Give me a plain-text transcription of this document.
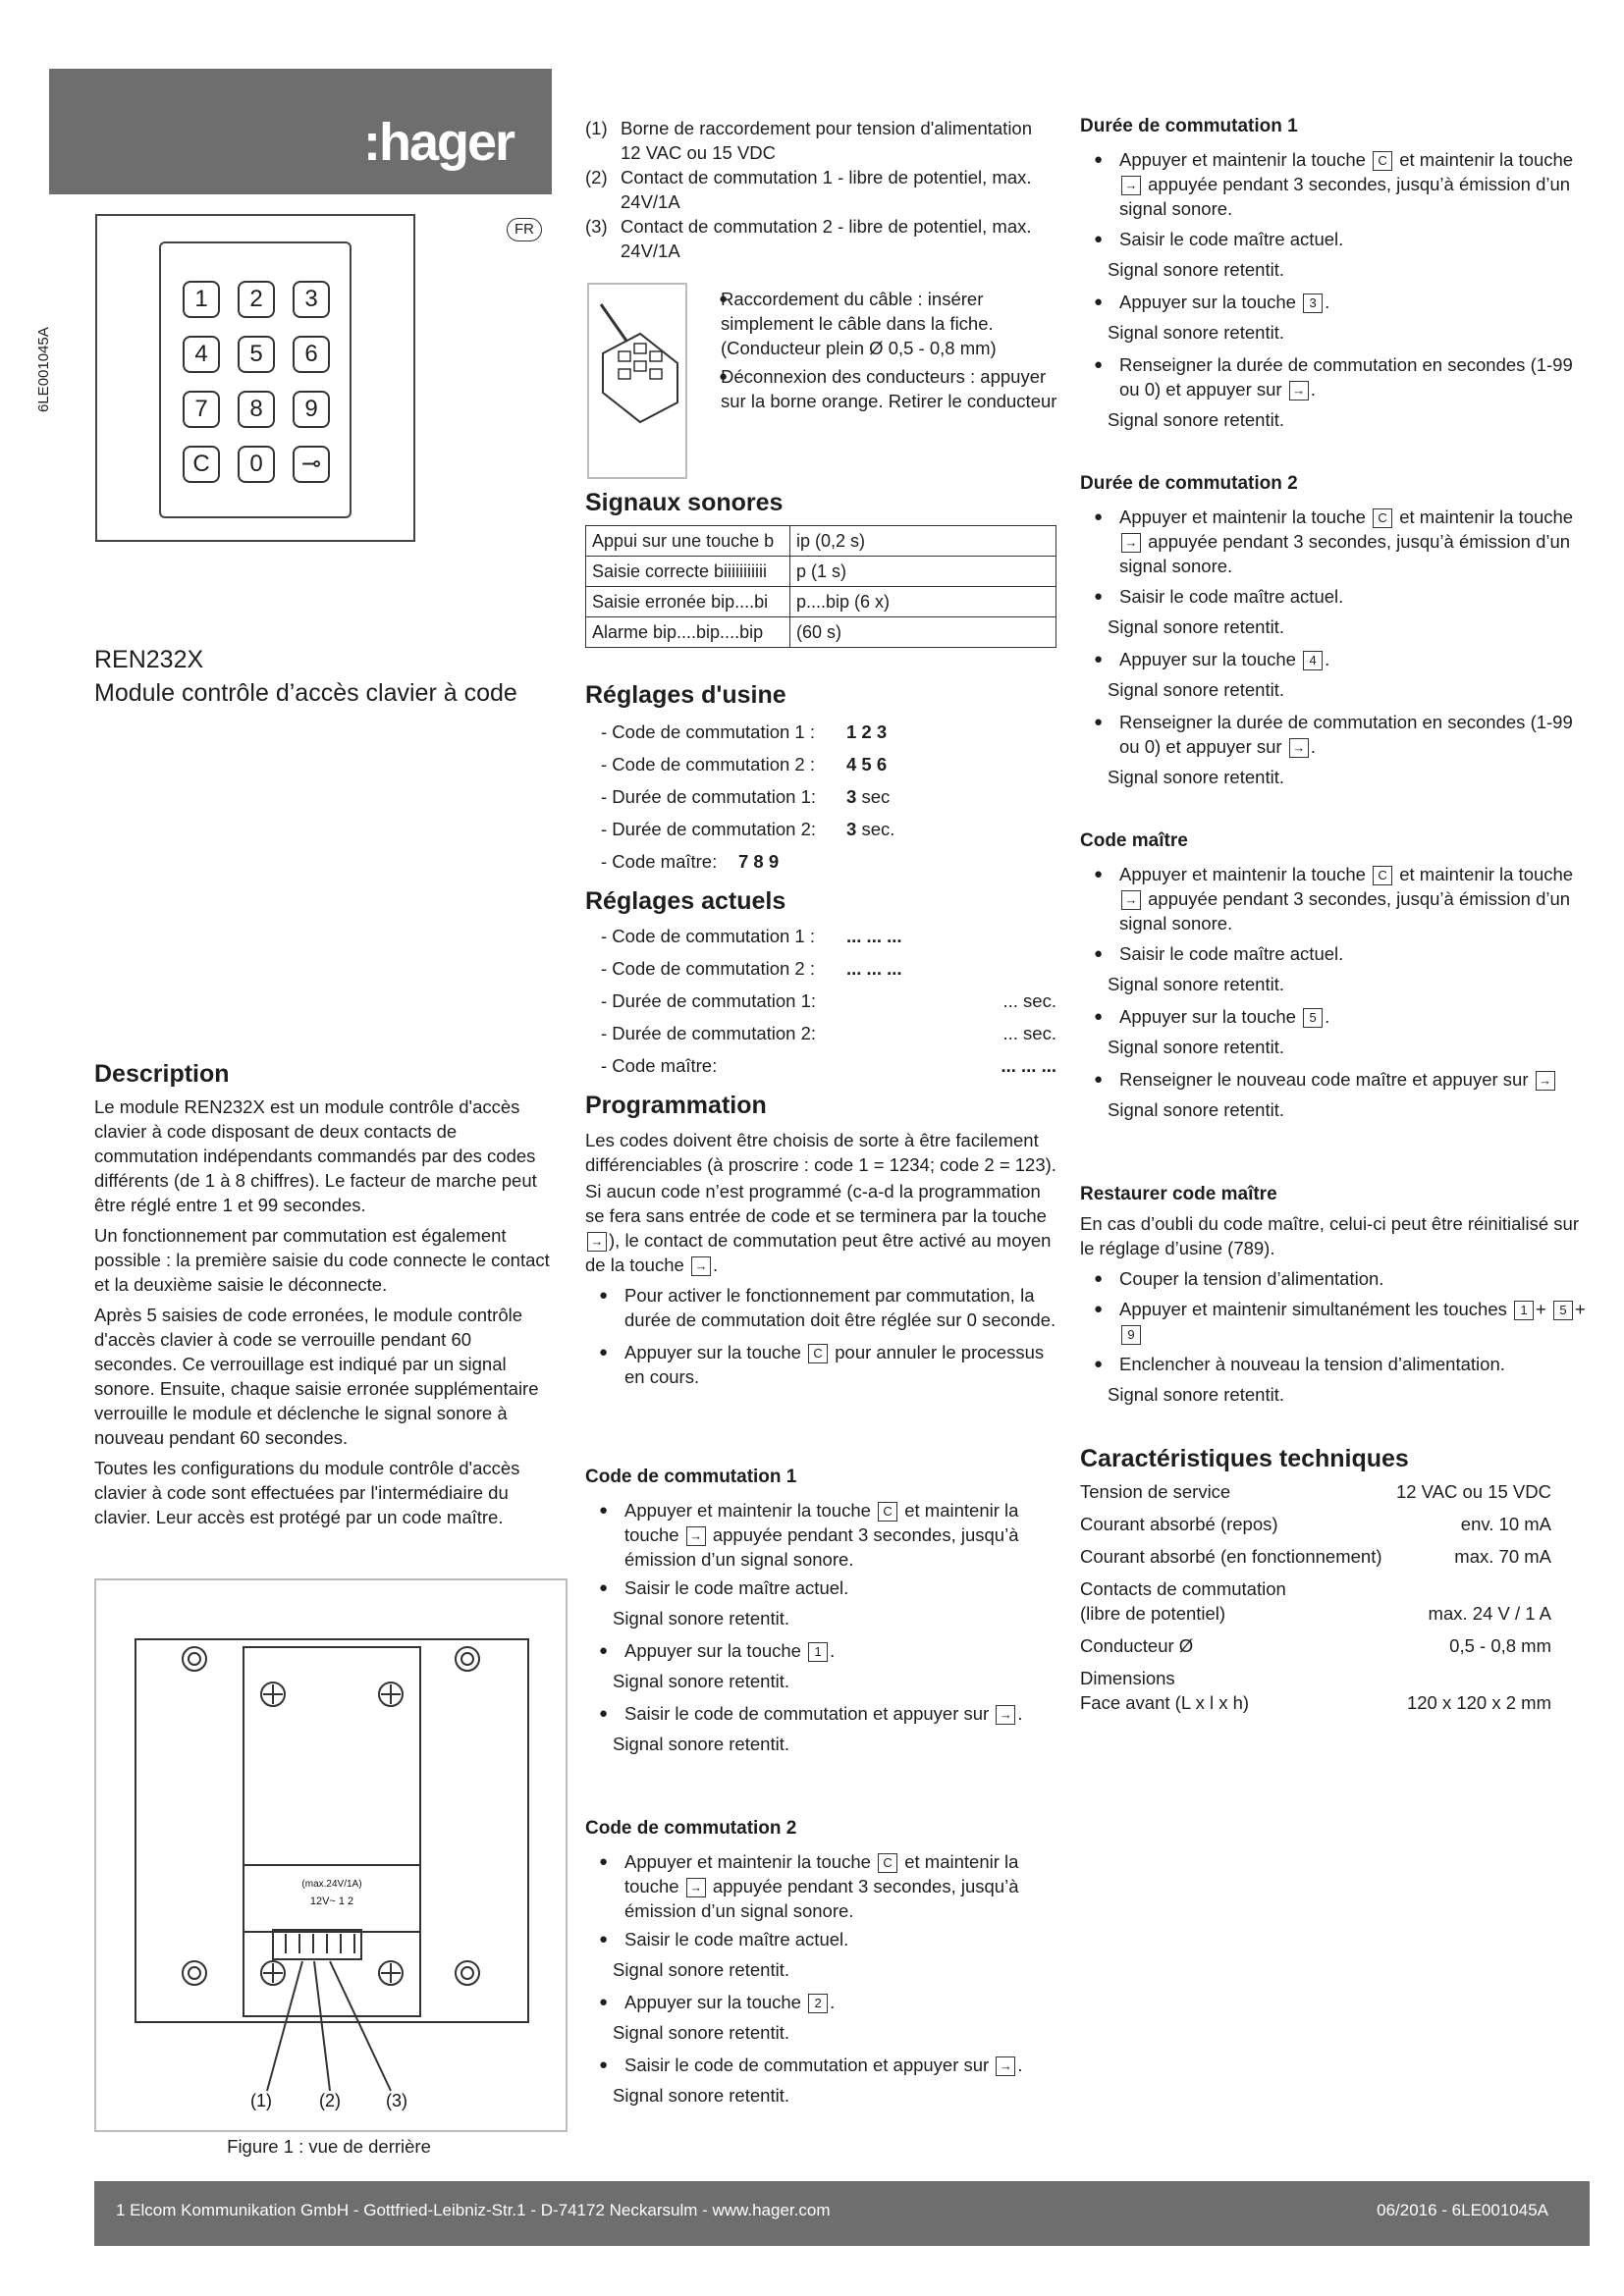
:hager
FR
6LE001045A
1	2	3
4	5	6
7	8	9
C	0	⊸
REN232X
Module contrôle d’accès clavier à code
Description
Le module REN232X est un module contrôle d'accès clavier à code disposant de deux contacts de commutation indépendants commandés par des codes différents (de 1 à 8 chiffres). Le facteur de marche peut être réglé entre 1 et 99 secondes.
Un fonctionnement par commutation est également possible : la première saisie du code connecte le contact et la deuxième saisie le déconnecte.
Après 5 saisies de code erronées, le module contrôle d'accès clavier à code se verrouille pendant 60 secondes. Ce verrouillage est indiqué par un signal sonore. Ensuite, chaque saisie erronée supplémentaire verrouille le module et déclenche le signal sonore à nouveau pendant 60 secondes.
Toutes les configurations du module contrôle d'accès clavier à code sont effectuées par l'intermédiaire du clavier. Leur accès est protégé par un code maître.
(max.24V/1A)
12V~ 1 2
(1)	(2)	(3)
Figure 1 : vue de derrière
(1) Borne de raccordement pour tension d'alimentation 12 VAC ou 15 VDC
(2) Contact de commutation 1 - libre de potentiel, max. 24V/1A
(3) Contact de commutation 2 - libre de potentiel, max. 24V/1A
● Raccordement du câble : insérer simplement le câble dans la fiche. (Conducteur plein Ø 0,5 - 0,8 mm)
● Déconnexion des conducteurs : appuyer sur la borne orange. Retirer le conducteur
Signaux sonores
Appui sur une touche b	ip (0,2 s)
Saisie correcte biiiiiiiiiii	p (1 s)
Saisie erronée bip....bi	p....bip (6 x)
Alarme bip....bip....bip	(60 s)
Réglages d'usine
- Code de commutation 1 : 1 2 3
- Code de commutation 2 : 4 5 6
- Durée de commutation 1: 3 sec
- Durée de commutation 2: 3 sec.
- Code maître: 7 8 9
Réglages actuels
- Code de commutation 1 : ... ... ...
- Code de commutation 2 : ... ... ...
- Durée de commutation 1:	... sec.
- Durée de commutation 2:	... sec.
- Code maître:	... ... ...
Programmation
Les codes doivent être choisis de sorte à être facilement différenciables (à proscrire : code 1 = 1234; code 2 = 123).
Si aucun code n’est programmé (c-a-d la programmation se fera sans entrée de code et se terminera par la touche → ), le contact de commutation peut être activé au moyen de la touche → .
● Pour activer le fonctionnement par commutation, la durée de commutation doit être réglée sur 0 seconde.
● Appuyer sur la touche C pour annuler le processus en cours.
Code de commutation 1
● Appuyer et maintenir la touche C et maintenir la touche → appuyée pendant 3 secondes, jusqu’à émission d’un signal sonore.
● Saisir le code maître actuel.
Signal sonore retentit.
● Appuyer sur la touche 1 .
Signal sonore retentit.
● Saisir le code de commutation et appuyer sur → .
Signal sonore retentit.
Code de commutation 2
● Appuyer et maintenir la touche C et maintenir la touche → appuyée pendant 3 secondes, jusqu’à émission d’un signal sonore.
● Saisir le code maître actuel.
Signal sonore retentit.
● Appuyer sur la touche 2 .
Signal sonore retentit.
● Saisir le code de commutation et appuyer sur → .
Signal sonore retentit.
Durée de commutation 1
● Appuyer et maintenir la touche C et maintenir la touche → appuyée pendant 3 secondes, jusqu’à émission d’un signal sonore.
● Saisir le code maître actuel.
Signal sonore retentit.
● Appuyer sur la touche 3 .
Signal sonore retentit.
● Renseigner la durée de commutation en secondes (1-99 ou 0) et appuyer sur → .
Signal sonore retentit.
Durée de commutation 2
● Appuyer et maintenir la touche C et maintenir la touche → appuyée pendant 3 secondes, jusqu’à émission d’un signal sonore.
● Saisir le code maître actuel.
Signal sonore retentit.
● Appuyer sur la touche 4 .
Signal sonore retentit.
● Renseigner la durée de commutation en secondes (1-99 ou 0) et appuyer sur → .
Signal sonore retentit.
Code maître
● Appuyer et maintenir la touche C et maintenir la touche → appuyée pendant 3 secondes, jusqu’à émission d’un signal sonore.
● Saisir le code maître actuel.
Signal sonore retentit.
● Appuyer sur la touche 5 .
Signal sonore retentit.
● Renseigner le nouveau code maître et appuyer sur →
Signal sonore retentit.
Restaurer code maître
En cas d’oubli du code maître, celui-ci peut être réinitialisé sur le réglage d’usine (789).
● Couper la tension d’alimentation.
● Appuyer et maintenir simultanément les touches 1 + 5 + 9
● Enclencher à nouveau la tension d’alimentation.
Signal sonore retentit.
Caractéristiques techniques
Tension de service	12 VAC ou 15 VDC
Courant absorbé (repos)	env. 10 mA
Courant absorbé (en fonctionnement)	max. 70 mA
Contacts de commutation
(libre de potentiel)	max. 24 V / 1 A
Conducteur Ø	0,5 - 0,8 mm
Dimensions
Face avant (L x l x h)	120 x 120 x 2 mm
1 Elcom Kommunikation GmbH - Gottfried-Leibniz-Str.1 - D-74172 Neckarsulm - www.hager.com	06/2016 - 6LE001045A
